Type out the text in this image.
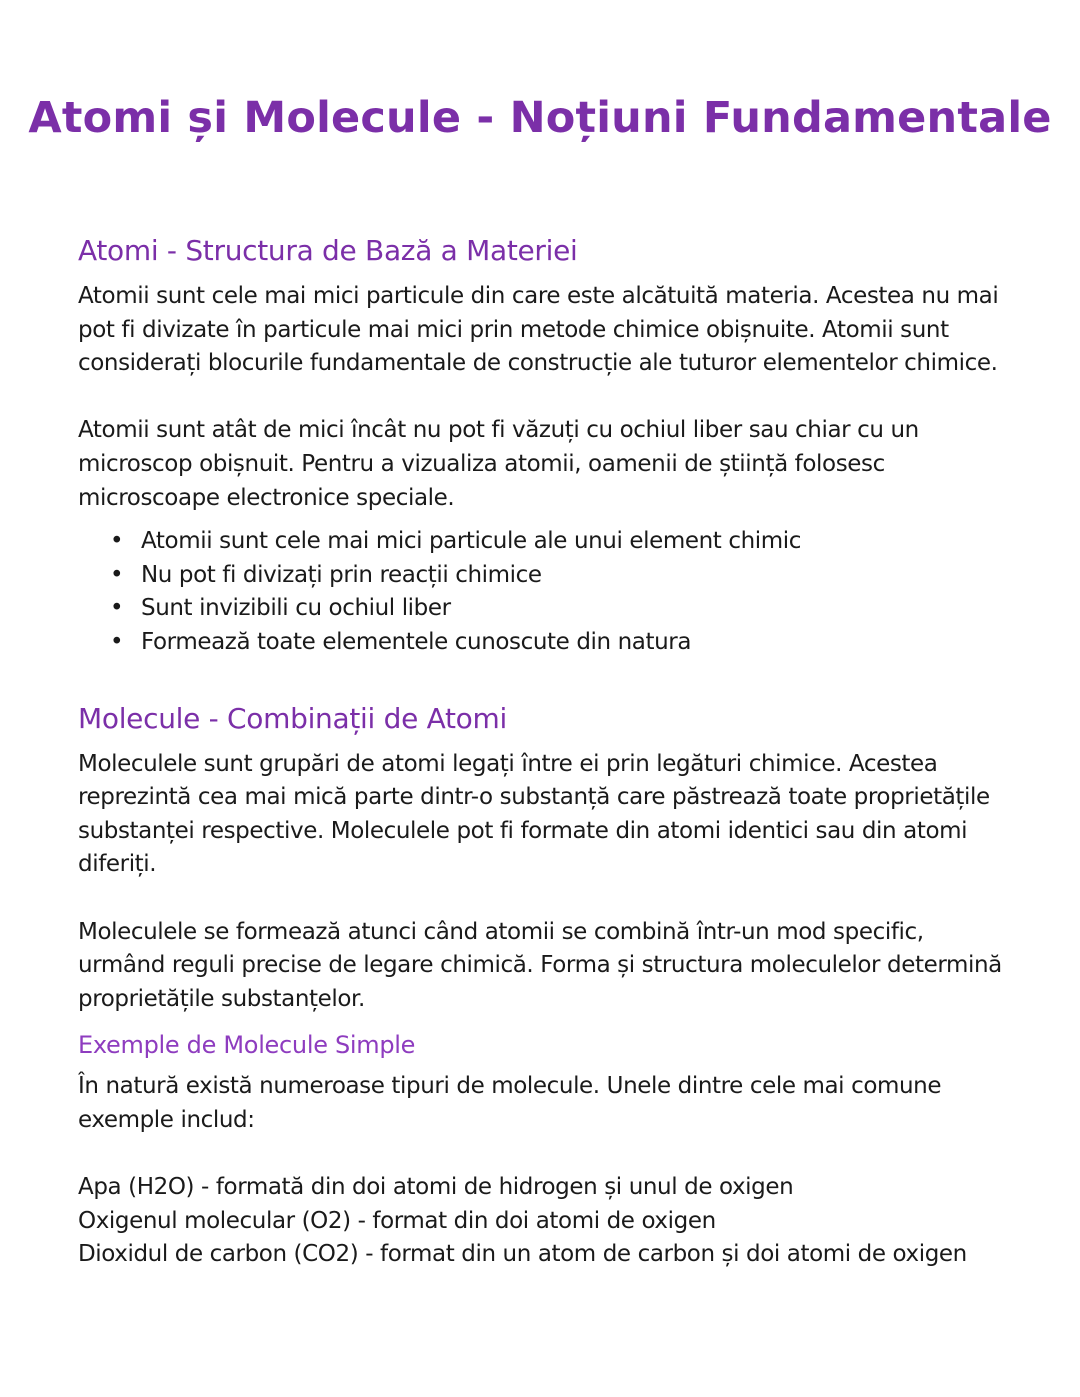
Atomi și Molecule - Noțiuni Fundamentale
Atomi - Structura de Bază a Materiei

Atomii sunt cele mai mici particule din care este alcătuită materia. Acestea nu mai pot fi divizate în particule mai mici prin metode chimice obișnuite. Atomii sunt considerați blocurile fundamentale de construcție ale tuturor elementelor chimice.

Atomii sunt atât de mici încât nu pot fi văzuți cu ochiul liber sau chiar cu un microscop obișnuit. Pentru a vizualiza atomii, oamenii de știință folosesc microscoape electronice speciale.

• Atomii sunt cele mai mici particule ale unui element chimic
• Nu pot fi divizați prin reacții chimice
• Sunt invizibili cu ochiul liber
• Formează toate elementele cunoscute din natura
Molecule - Combinații de Atomi

Moleculele sunt grupări de atomi legați între ei prin legături chimice. Acestea reprezintă cea mai mică parte dintr-o substanță care păstrează toate proprietățile substanței respective. Moleculele pot fi formate din atomi identici sau din atomi diferiți.

Moleculele se formează atunci când atomii se combină într-un mod specific, urmând reguli precise de legare chimică. Forma și structura moleculelor determină proprietățile substanțelor.

Exemple de Molecule Simple

În natură există numeroase tipuri de molecule. Unele dintre cele mai comune exemple includ:

Apa (H2O) - formată din doi atomi de hidrogen și unul de oxigen

Oxigenul molecular (O2) - format din doi atomi de oxigen

Dioxidul de carbon (CO2) - format din un atom de carbon și doi atomi de oxigen
